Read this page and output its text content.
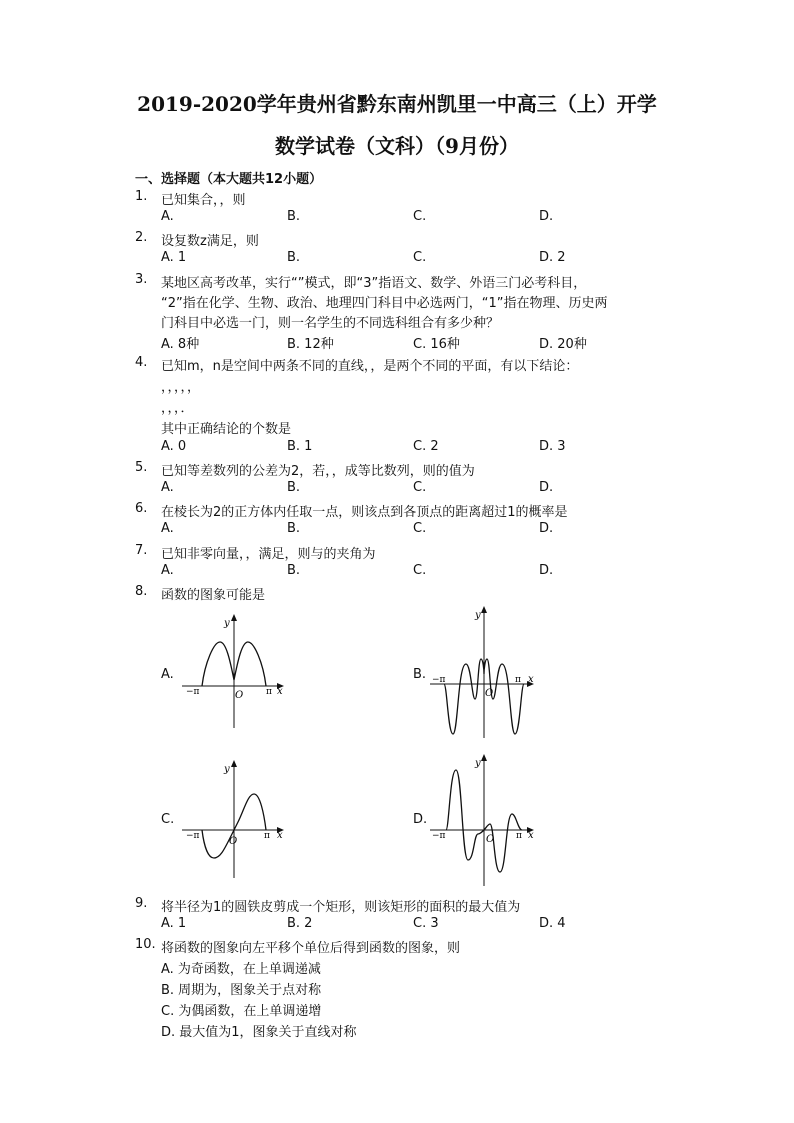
2019-2020学年贵州省黔东南州凯里一中高三（上）开学
数学试卷（文科）（9月份）
一、选择题（本大题共12小题）
1.	已知集合，，则
A.	B.	C.	D.
2.	设复数z满足，则
A. 1	B.	C.	D. 2
3.	某地区高考改革，实行“”模式，即“3”指语文、数学、外语三门必考科目，
“2”指在化学、生物、政治、地理四门科目中必选两门，“1”指在物理、历史两
门科目中必选一门，则一名学生的不同选科组合有多少种？
A. 8种	B. 12种	C. 16种	D. 20种
4.	已知m，n是空间中两条不同的直线，，是两个不同的平面，有以下结论：
，，，，，
，，，．
其中正确结论的个数是
A. 0	B. 1	C. 2	D. 3
5.	已知等差数列的公差为2，若，，成等比数列，则的值为
A.	B.	C.	D.
6.	在棱长为2的正方体内任取一点，则该点到各顶点的距离超过1的概率是
A.	B.	C.	D.
7.	已知非零向量，，满足，则与的夹角为
A.	B.	C.	D.
8.	函数的图象可能是
A.
y
x
O
−π	π
B.
y
x
O
−π	π
C.
y
x
O
−π	π
D.
y
x
O
−π	π
9.	将半径为1的圆铁皮剪成一个矩形，则该矩形的面积的最大值为
A. 1	B. 2	C. 3	D. 4
10. 将函数的图象向左平移个单位后得到函数的图象，则
A. 为奇函数，在上单调递减
B. 周期为，图象关于点对称
C. 为偶函数，在上单调递增
D. 最大值为1，图象关于直线对称
